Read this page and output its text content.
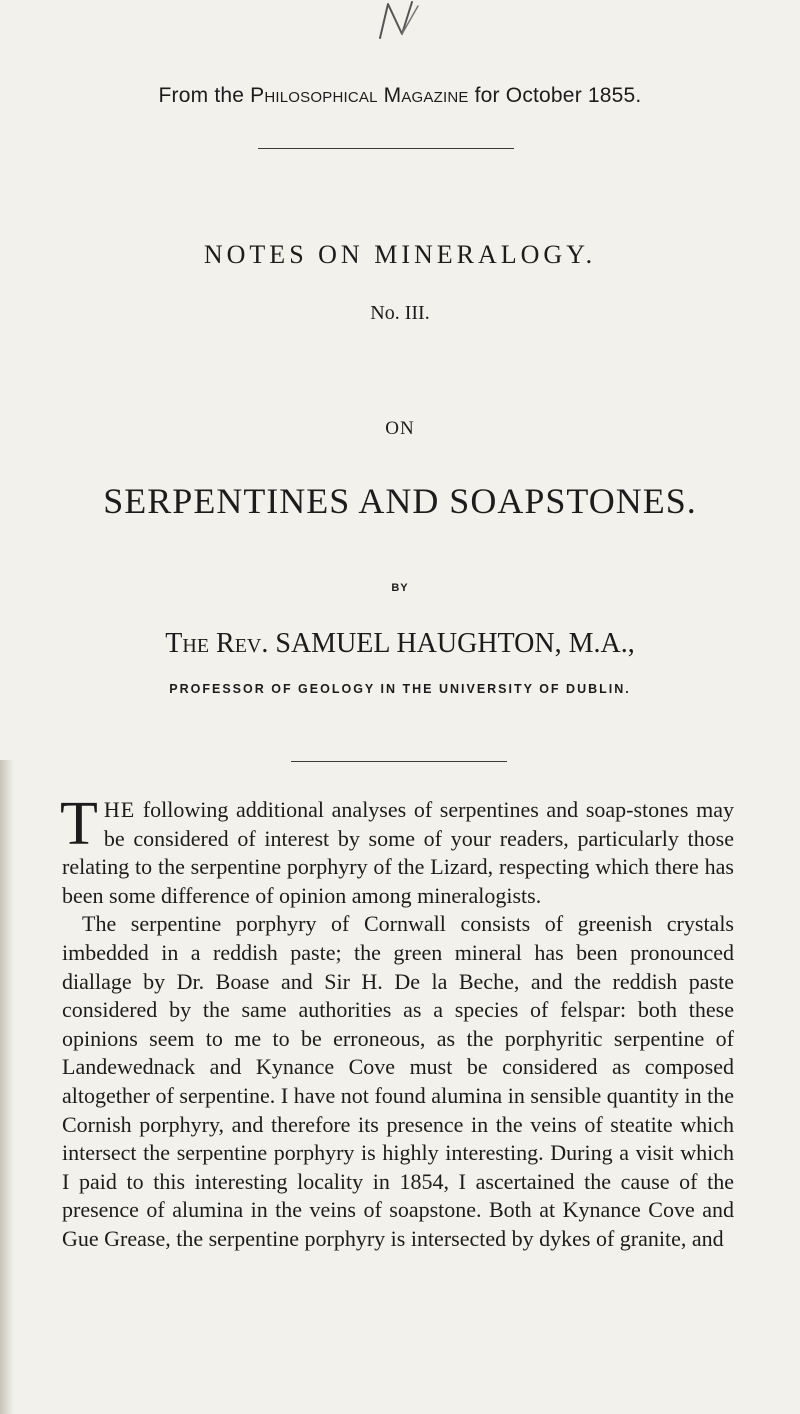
From the Philosophical Magazine for October 1855.
NOTES ON MINERALOGY.
No. III.
ON
SERPENTINES AND SOAPSTONES.
BY
The Rev. SAMUEL HAUGHTON, M.A.,
PROFESSOR OF GEOLOGY IN THE UNIVERSITY OF DUBLIN.

THE following additional analyses of serpentines and soap-stones may be considered of interest by some of your readers, particularly those relating to the serpentine porphyry of the Lizard, respecting which there has been some difference of opinion among mineralogists.

The serpentine porphyry of Cornwall consists of greenish crystals imbedded in a reddish paste; the green mineral has been pronounced diallage by Dr. Boase and Sir H. De la Beche, and the reddish paste considered by the same authorities as a species of felspar: both these opinions seem to me to be erroneous, as the porphyritic serpentine of Landewednack and Kynance Cove must be considered as composed altogether of serpentine. I have not found alumina in sensible quantity in the Cornish porphyry, and therefore its presence in the veins of steatite which intersect the serpentine porphyry is highly interesting. During a visit which I paid to this interesting locality in 1854, I ascertained the cause of the presence of alumina in the veins of soapstone. Both at Kynance Cove and Gue Grease, the serpentine porphyry is intersected by dykes of granite, and
